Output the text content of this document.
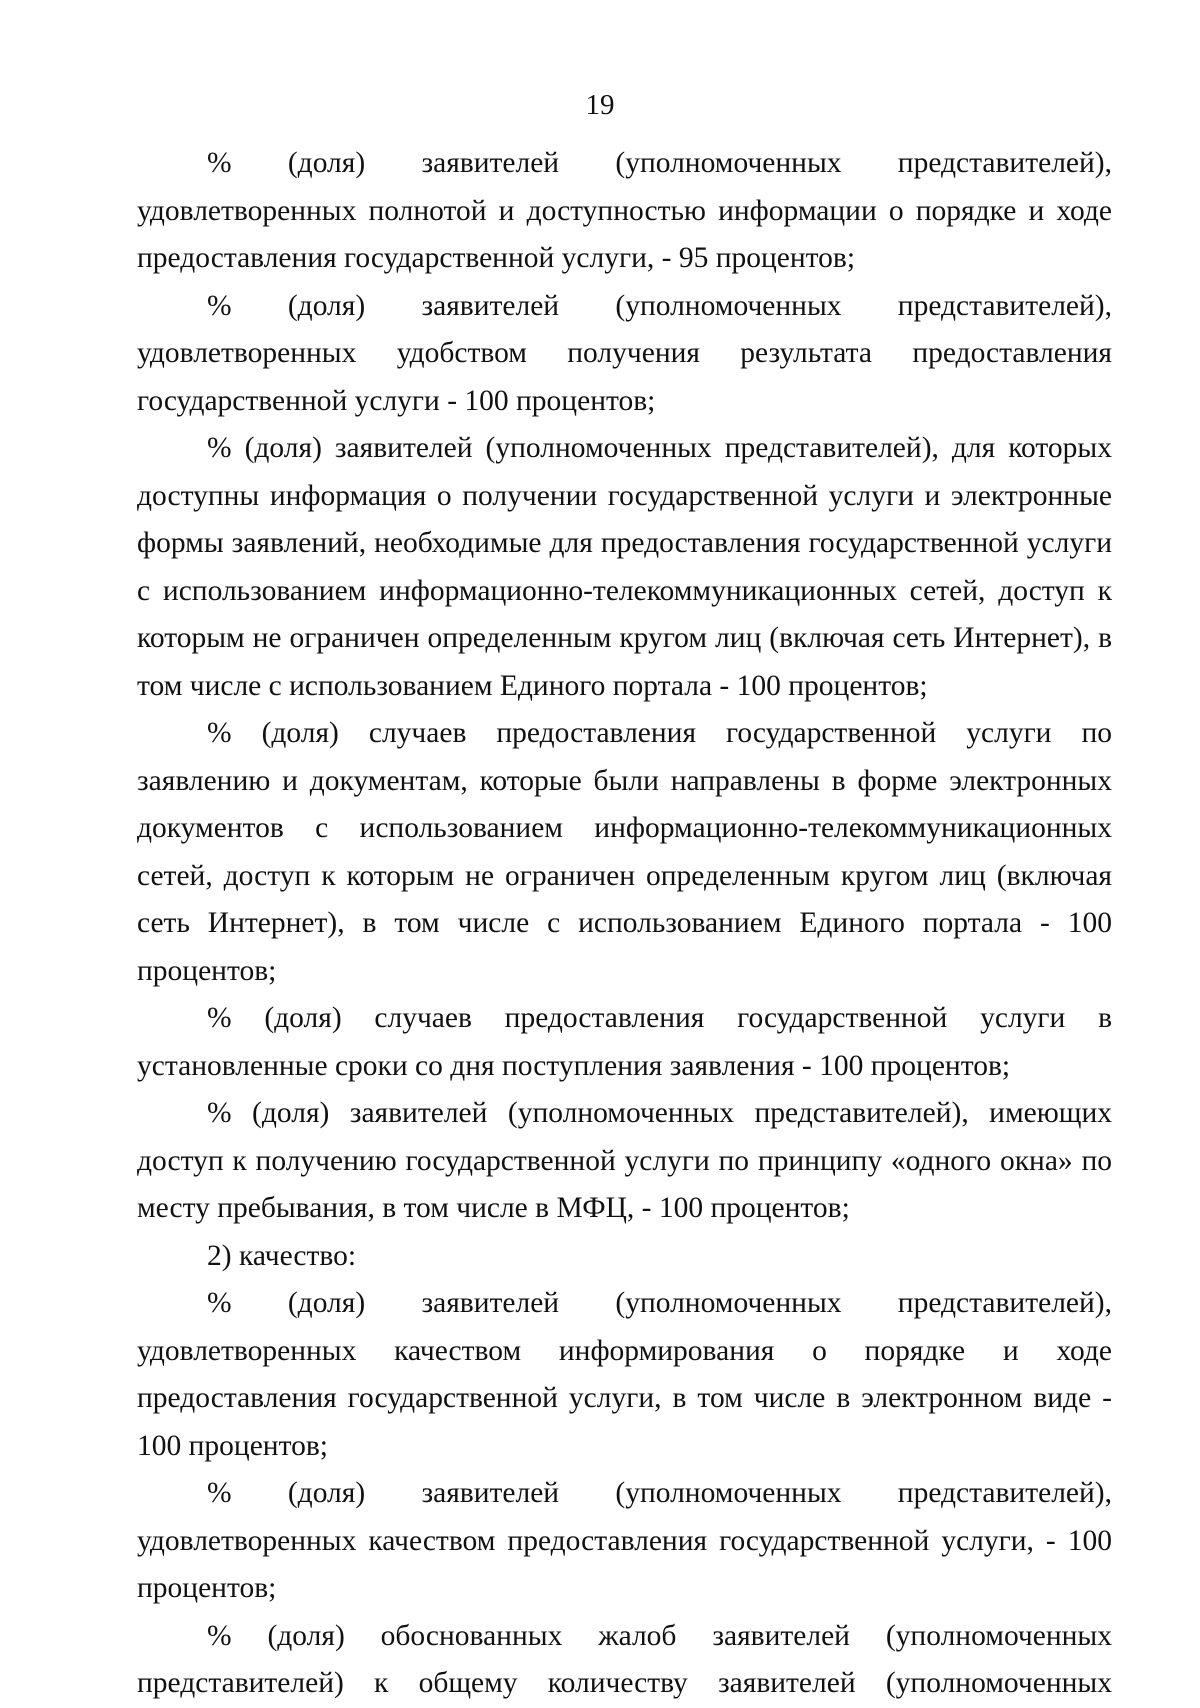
19

% (доля) заявителей (уполномоченных представителей), удовлетворенных полнотой и доступностью информации о порядке и ходе предоставления государственной услуги, - 95 процентов;

% (доля) заявителей (уполномоченных представителей), удовлетворенных удобством получения результата предоставления государственной услуги - 100 процентов;

% (доля) заявителей (уполномоченных представителей), для которых доступны информация о получении государственной услуги и электронные формы заявлений, необходимые для предоставления государственной услуги с использованием информационно-телекоммуникационных сетей, доступ к которым не ограничен определенным кругом лиц (включая сеть Интернет), в том числе с использованием Единого портала - 100 процентов;

% (доля) случаев предоставления государственной услуги по заявлению и документам, которые были направлены в форме электронных документов с использованием информационно-телекоммуникационных сетей, доступ к которым не ограничен определенным кругом лиц (включая сеть Интернет), в том числе с использованием Единого портала - 100 процентов;

% (доля) случаев предоставления государственной услуги в установленные сроки со дня поступления заявления - 100 процентов;

% (доля) заявителей (уполномоченных представителей), имеющих доступ к получению государственной услуги по принципу «одного окна» по месту пребывания, в том числе в МФЦ, - 100 процентов;

2) качество:

% (доля) заявителей (уполномоченных представителей), удовлетворенных качеством информирования о порядке и ходе предоставления государственной услуги, в том числе в электронном виде - 100 процентов;

% (доля) заявителей (уполномоченных представителей), удовлетворенных качеством предоставления государственной услуги, - 100 процентов;

% (доля) обоснованных жалоб заявителей (уполномоченных представителей) к общему количеству заявителей (уполномоченных
